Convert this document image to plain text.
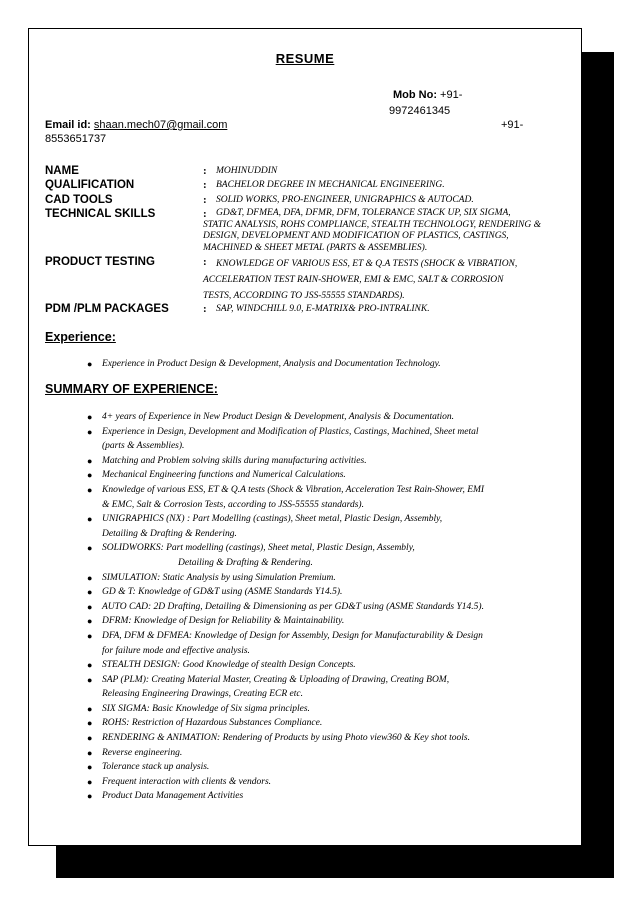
RESUME
Mob No: +91-
9972461345
Email id: shaan.mech07@gmail.com	+91-
8553651737
NAME	: MOHINUDDIN
QUALIFICATION	: BACHELOR DEGREE IN MECHANICAL ENGINEERING.
CAD TOOLS	: SOLID WORKS, PRO-ENGINEER, UNIGRAPHICS & AUTOCAD.
TECHNICAL SKILLS	: GD&T, DFMEA, DFA, DFMR, DFM, TOLERANCE STACK UP, SIX SIGMA,
STATIC ANALYSIS, ROHS COMPLIANCE, STEALTH TECHNOLOGY, RENDERING &
DESIGN, DEVELOPMENT AND MODIFICATION OF PLASTICS, CASTINGS,
MACHINED & SHEET METAL (PARTS & ASSEMBLIES).
PRODUCT TESTING	: KNOWLEDGE OF VARIOUS ESS, ET & Q.A TESTS (SHOCK & VIBRATION,
ACCELERATION TEST RAIN-SHOWER, EMI & EMC, SALT & CORROSION
TESTS, ACCORDING TO JSS-55555 STANDARDS).
PDM /PLM PACKAGES	: SAP, WINDCHILL 9.0, E-MATRIX& PRO-INTRALINK.
Experience:
● Experience in Product Design & Development, Analysis and Documentation Technology.
SUMMARY OF EXPERIENCE:
● 4+ years of Experience in New Product Design & Development, Analysis & Documentation.
● Experience in Design, Development and Modification of Plastics, Castings, Machined, Sheet metal
(parts & Assemblies).
● Matching and Problem solving skills during manufacturing activities.
● Mechanical Engineering functions and Numerical Calculations.
● Knowledge of various ESS, ET & Q.A tests (Shock & Vibration, Acceleration Test Rain-Shower, EMI
& EMC, Salt & Corrosion Tests, according to JSS-55555 standards).
● UNIGRAPHICS (NX) : Part Modelling (castings), Sheet metal, Plastic Design, Assembly,
Detailing & Drafting & Rendering.
● SOLIDWORKS: Part modelling (castings), Sheet metal, Plastic Design, Assembly,
Detailing & Drafting & Rendering.
● SIMULATION: Static Analysis by using Simulation Premium.
● GD & T: Knowledge of GD&T using (ASME Standards Y14.5).
● AUTO CAD: 2D Drafting, Detailing & Dimensioning as per GD&T using (ASME Standards Y14.5).
● DFRM: Knowledge of Design for Reliability & Maintainability.
● DFA, DFM & DFMEA: Knowledge of Design for Assembly, Design for Manufacturability & Design
for failure mode and effective analysis.
● STEALTH DESIGN: Good Knowledge of stealth Design Concepts.
● SAP (PLM): Creating Material Master, Creating & Uploading of Drawing, Creating BOM,
Releasing Engineering Drawings, Creating ECR etc.
● SIX SIGMA: Basic Knowledge of Six sigma principles.
● ROHS: Restriction of Hazardous Substances Compliance.
● RENDERING & ANIMATION: Rendering of Products by using Photo view360 & Key shot tools.
● Reverse engineering.
● Tolerance stack up analysis.
● Frequent interaction with clients & vendors.
● Product Data Management Activities
